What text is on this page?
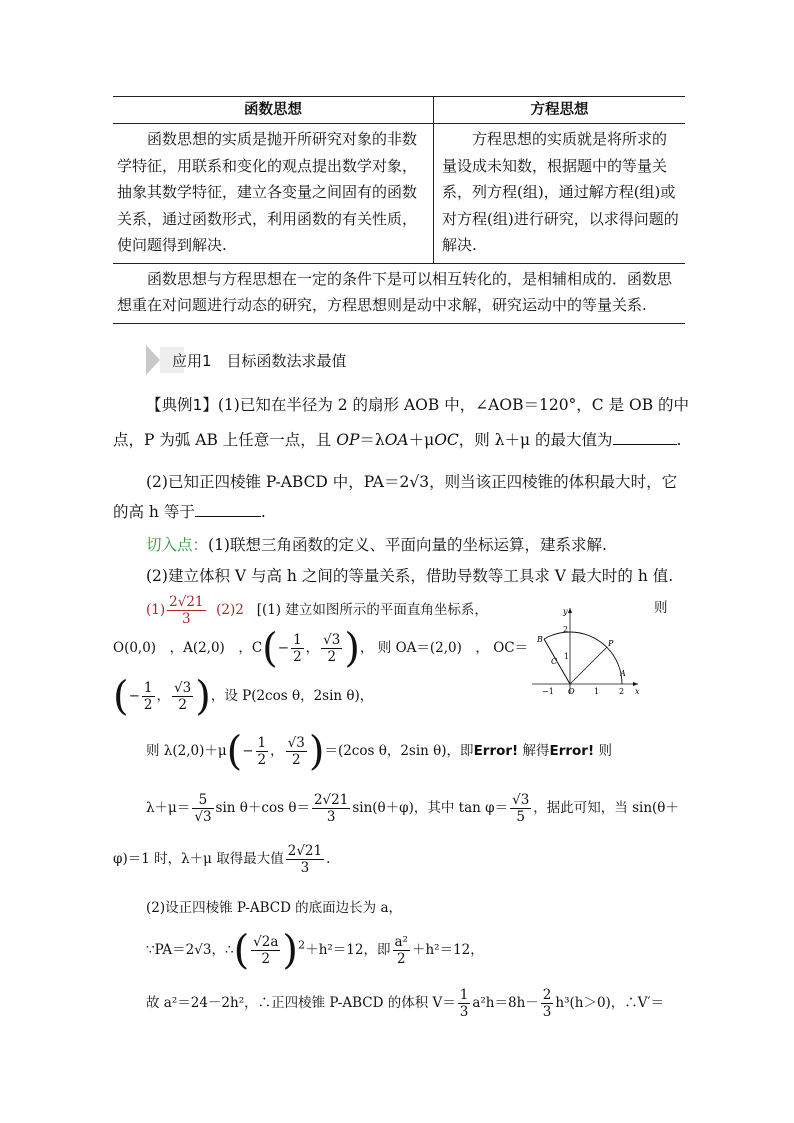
函数思想	方程思想

函数思想的实质是抛开所研究对象的非数学特征，用联系和变化的观点提出数学对象，抽象其数学特征，建立各变量之间固有的函数关系，通过函数形式，利用函数的有关性质，使问题得到解决.	方程思想的实质就是将所求的量设成未知数，根据题中的等量关系，列方程(组)，通过解方程(组)或对方程(组)进行研究，以求得问题的解决.

函数思想与方程思想在一定的条件下是可以相互转化的，是相辅相成的．函数思想重在对问题进行动态的研究，方程思想则是动中求解，研究运动中的等量关系.	
应用1　目标函数法求最值
【典例1】(1)已知在半径为 2 的扇形 AOB 中，∠AOB＝120°，C 是 OB 的中
点，P 为弧 AB 上任意一点，且 OP＝λOA＋μOC，则 λ＋μ 的最大值为	.
(2)已知正四棱锥 P-ABCD 中，PA＝2√3，则当该正四棱锥的体积最大时，它
的高 h 等于	.
切入点：(1)联想三角函数的定义、平面向量的坐标运算，建系求解.
(2)建立体积 V 与高 h 之间的等量关系，借助导数等工具求 V 最大时的 h 值.
$(1) \frac{2√21}{3} (2)2$ [(1) 建立如图所示的平面直角坐标系，	则
O(0,0)　，A(2,0)　，$C(- \frac{1}{2}$ ， $\frac{√3}{2}$ )， 则 OA＝(2,0)　， OC＝
(− $\frac{1}{2}$ ， $\frac{√3}{2}$ )，设 P(2cos θ，2sin θ)，
则 $\lambda(2,0)+\mu(- \frac{1}{2}$ ， $\frac{√3}{2} )=(2\cos$ θ，2sin θ)，即Error! 解得Error! 则
$\lambda+\mu= \frac{5}{√3}$ sin θ＋cos $\theta= \frac{2√21}{3} \sin(\theta+\varphi)$，其中 $\tan \varphi= \frac{√3}{5}$ ，据此可知，当 sin(θ＋
φ)＝1 时，λ＋μ 取得最大值 $\frac{2√21}{3}$ .
(2)设正四棱锥 P-ABCD 的底面边长为 a，
∵PA＝2√3，∴( $\frac{√2a}{2} )^2+h^2=12$，即 $\frac{\text{a²}}{2} +h^2=12$，
故 a²＝24－2h²，∴正四棱锥 P-ABCD 的体积 $V= \frac{1}{3} a^2h=8h- \frac{2}{3} h^3(h>0)$，∴V′＝
x
y
B
C
P
A
O
2
1
−1	1 2
